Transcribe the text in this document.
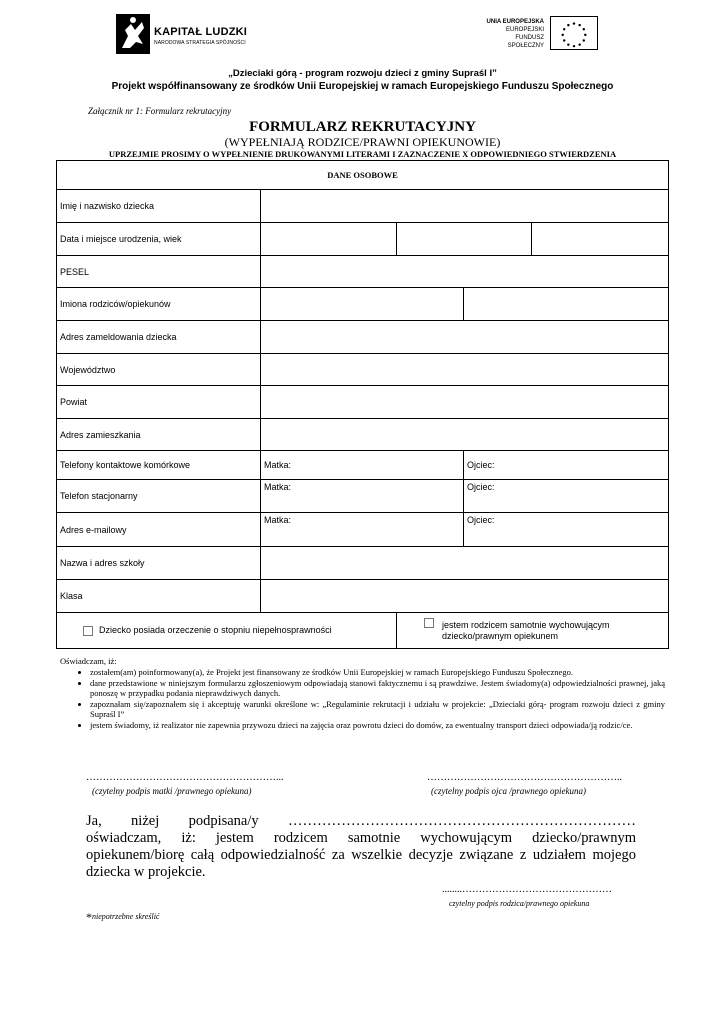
KAPITAŁ LUDZKI
NARODOWA STRATEGIA SPÓJNOŚCI
UNIA EUROPEJSKA
EUROPEJSKI
FUNDUSZ SPOŁECZNY
„Dzieciaki górą - program rozwoju dzieci z gminy Supraśl I”
Projekt współfinansowany ze środków Unii Europejskiej w ramach Europejskiego Funduszu Społecznego
Załącznik nr 1: Formularz rekrutacyjny
FORMULARZ REKRUTACYJNY
(WYPEŁNIAJĄ RODZICE/PRAWNI OPIEKUNOWIE)
UPRZEJMIE PROSIMY O WYPEŁNIENIE DRUKOWANYMI LITERAMI I ZAZNACZENIE X ODPOWIEDNIEGO STWIERDZENIA
DANE OSOBOWE				
Imię i nazwisko dziecka				
Data i miejsce urodzenia, wiek				
PESEL				
Imiona rodziców/opiekunów				
Adres zameldowania dziecka				
Województwo				
Powiat				
Adres zamieszkania				
Telefony kontaktowe komórkowe	Matka:		Ojciec:	
Telefon stacjonarny	Matka:		Ojciec:	
Adres e-mailowy	Matka:		Ojciec:	
Nazwa i adres szkoły				
Klasa				
Dziecko posiada orzeczenie o stopniu niepełnosprawności		jestem rodzicem samotnie wychowującym dziecko/prawnym opiekunem		
Oświadczam, iż:
• zostałem(am) poinformowany(a), że Projekt jest finansowany ze środków Unii Europejskiej w ramach Europejskiego Funduszu Społecznego.
• dane przedstawione w niniejszym formularzu zgłoszeniowym odpowiadają stanowi faktycznemu i są prawdziwe. Jestem świadomy(a) odpowiedzialności prawnej, jaką ponoszę w przypadku podania nieprawdziwych danych.
• zapoznałam się/zapoznałem się i akceptuję warunki określone w: „Regulaminie rekrutacji i udziału w projekcie: „Dzieciaki górą- program rozwoju dzieci z gminy Supraśl I”
• jestem świadomy, iż realizator nie zapewnia przywozu dzieci na zajęcia oraz powrotu dzieci do domów, za ewentualny transport dzieci odpowiada/ją rodzic/ce.
…………………………………………………...
(czytelny podpis matki /prawnego opiekuna)
…………………………………………………..
(czytelny podpis ojca /prawnego opiekuna)
Ja, niżej podpisana/y ……………………………………………………………… oświadczam, iż: jestem rodzicem samotnie wychowującym dziecko/prawnym opiekunem/biorę całą odpowiedzialność za wszelkie decyzje związane z udziałem mojego dziecka w projekcie.
........………………………………………
czytelny podpis rodzica/prawnego opiekuna
*niepotrzebne skreślić
